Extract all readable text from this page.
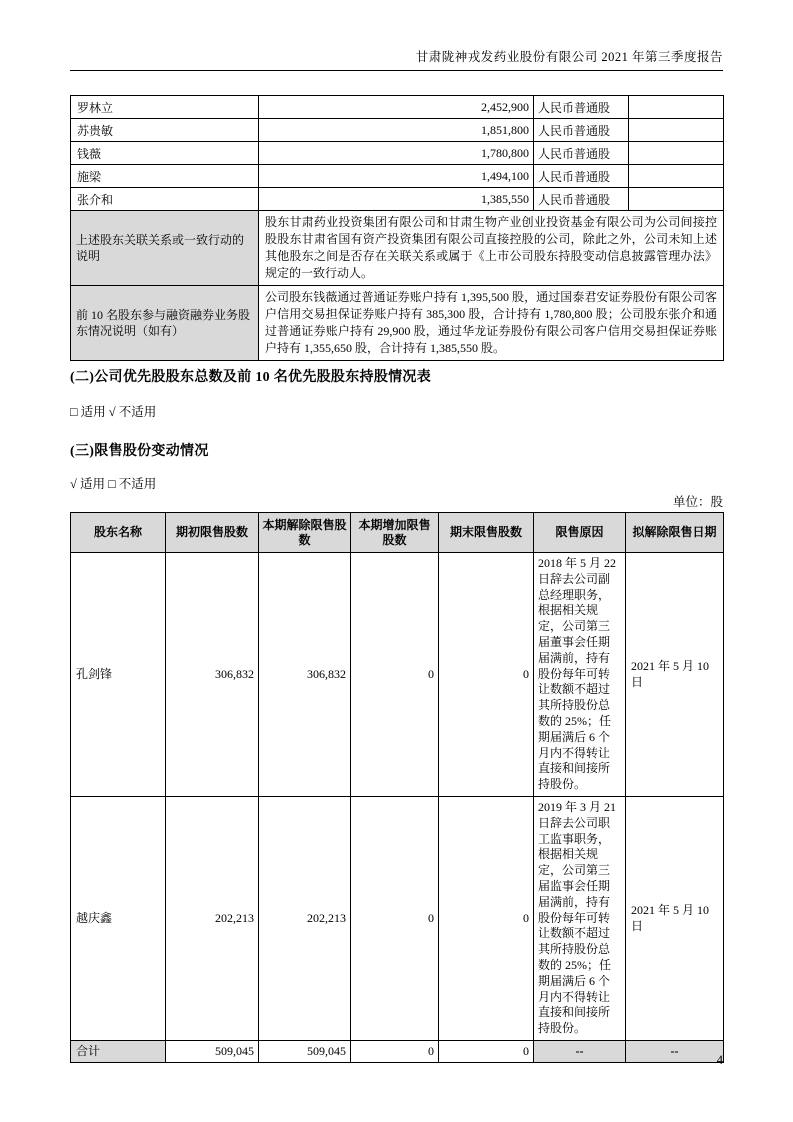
甘肃陇神戎发药业股份有限公司 2021 年第三季度报告
罗林立	2,452,900	人民币普通股	
苏贵敏	1,851,800	人民币普通股	
钱薇	1,780,800	人民币普通股	
施梁	1,494,100	人民币普通股	
张介和	1,385,550	人民币普通股	
上述股东关联关系或一致行动的说明	股东甘肃药业投资集团有限公司和甘肃生物产业创业投资基金有限公司为公司间接控股股东甘肃省国有资产投资集团有限公司直接控股的公司，除此之外，公司未知上述其他股东之间是否存在关联关系或属于《上市公司股东持股变动信息披露管理办法》规定的一致行动人。		
前 10 名股东参与融资融券业务股东情况说明（如有）	公司股东钱薇通过普通证券账户持有 1,395,500 股，通过国泰君安证券股份有限公司客户信用交易担保证券账户持有 385,300 股，合计持有 1,780,800 股；公司股东张介和通过普通证券账户持有 29,900 股，通过华龙证券股份有限公司客户信用交易担保证券账户持有 1,355,650 股，合计持有 1,385,550 股。		
(二)公司优先股股东总数及前 10 名优先股股东持股情况表
□ 适用 √ 不适用
(三)限售股份变动情况
√ 适用 □ 不适用
单位：股
股东名称	期初限售股数	本期解除限售股数	本期增加限售股数	期末限售股数	限售原因	拟解除限售日期
孔剑锋	306,832	306,832	0	0	2018 年 5 月 22 日辞去公司副总经理职务，根据相关规定，公司第三届董事会任期届满前，持有股份每年可转让数额不超过其所持股份总数的 25%；任期届满后 6 个月内不得转让直接和间接所持股份。	2021 年 5 月 10 日
越庆鑫	202,213	202,213	0	0	2019 年 3 月 21 日辞去公司职工监事职务，根据相关规定，公司第三届监事会任期届满前，持有股份每年可转让数额不超过其所持股份总数的 25%；任期届满后 6 个月内不得转让直接和间接所持股份。	2021 年 5 月 10 日
合计	509,045	509,045	0	0	--	--
4
